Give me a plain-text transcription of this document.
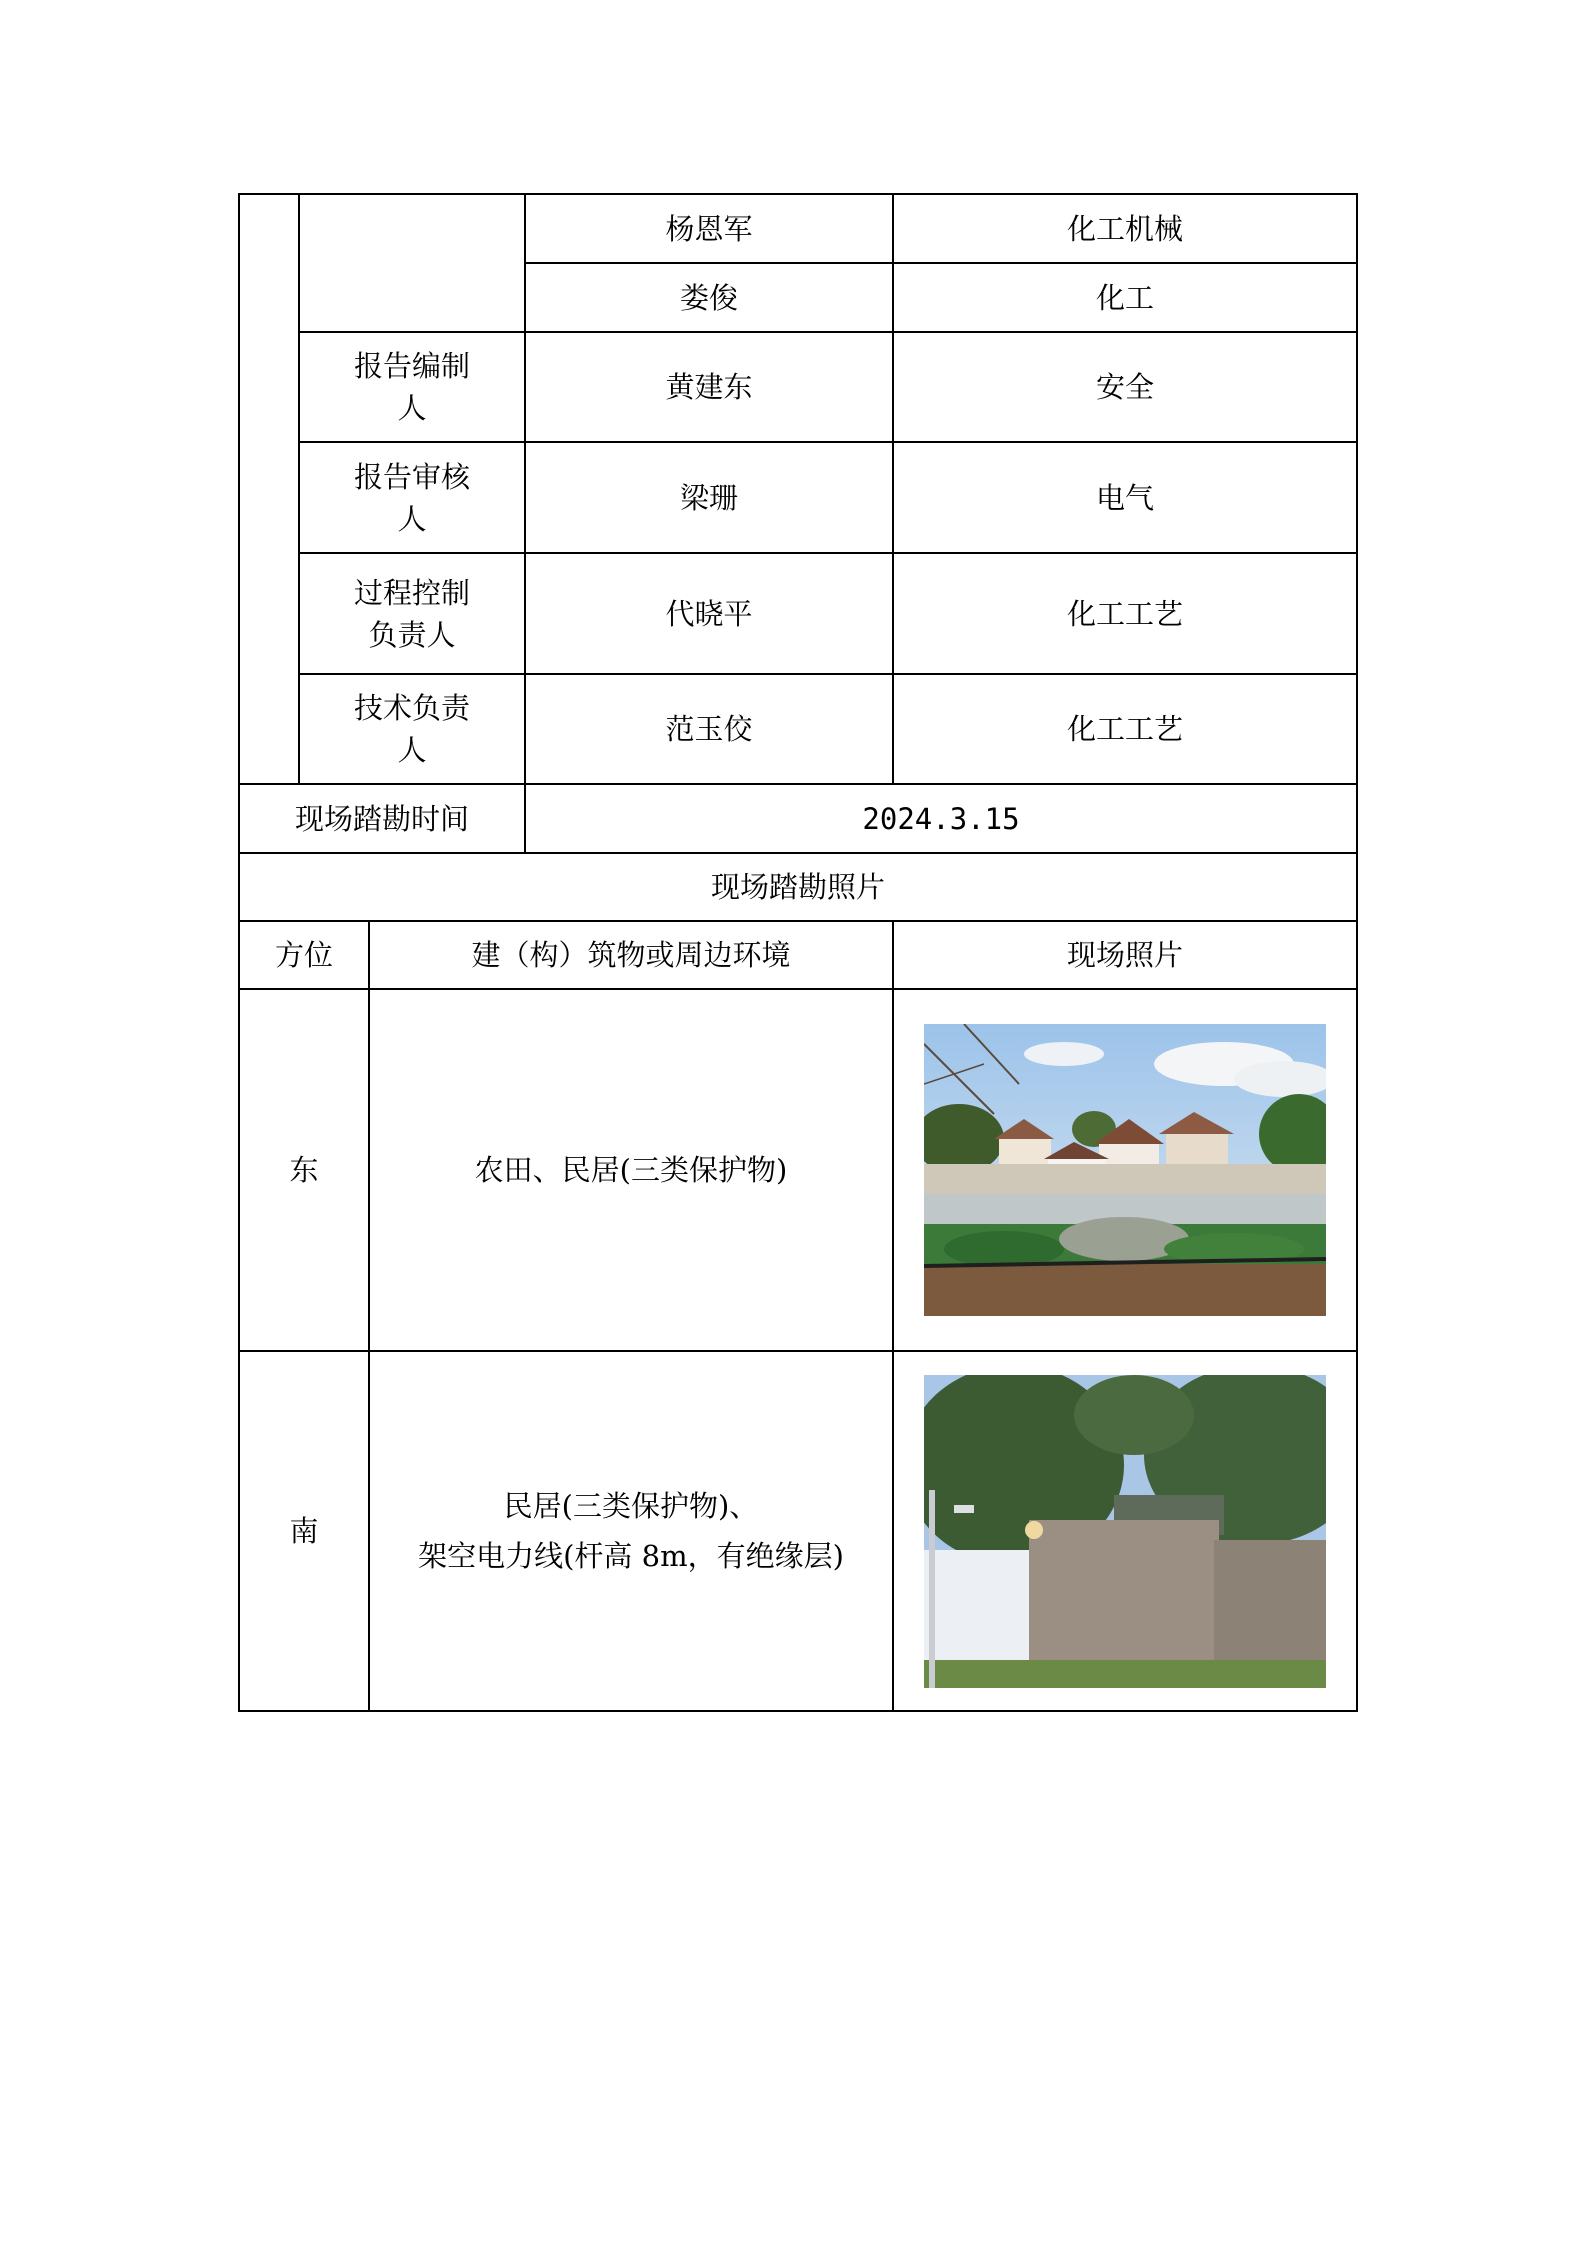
			杨恩军	化工机械
			娄俊	化工

	报告编制人		黄建东	安全

	报告审核人		梁珊	电气

	过程控制负责人		代晓平	化工工艺

	技术负责人		范玉佼	化工工艺
现场踏勘时间			2024.3.15	
现场踏勘照片				
方位		建（构）筑物或周边环境		现场照片
东		农田、民居(三类保护物)

南		民居(三类保护物)、
架空电力线(杆高 8m，有绝缘层)
